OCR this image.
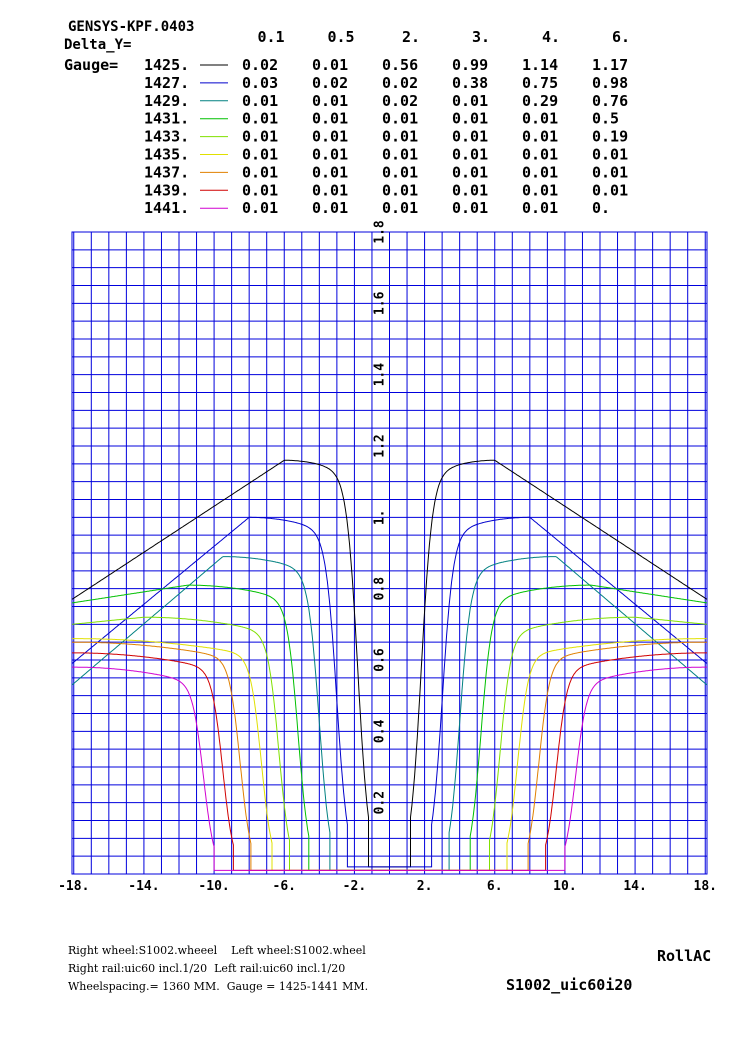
GENSYS-KPF.0403
Delta_Y=
Gauge=
0.1	0.5	2.	3.	4.	6.
1425.	0.02 0.01 0.56 0.99 1.14 1.17
1427.	0.03 0.02 0.02 0.38 0.75 0.98
1429.	0.01 0.01 0.02 0.01 0.29 0.76
1431.	0.01 0.01 0.01 0.01 0.01 0.5
1433.	0.01 0.01 0.01 0.01 0.01 0.19
1435.	0.01 0.01 0.01 0.01 0.01 0.01
1437.	0.01 0.01 0.01 0.01 0.01 0.01
1439.	0.01 0.01 0.01 0.01 0.01 0.01
1441.	0.01 0.01 0.01 0.01 0.01 0.
0.2
0.4
0.6
0.8
1.
1.2
1.4
1.6
1.8
-18.	-14.	-10.	-6.	-2.	2.	6.	10.	14.	18.
Right wheel:S1002.wheeel    Left wheel:S1002.wheel
Right rail:uic60 incl.1/20  Left rail:uic60 incl.1/20
Wheelspacing.= 1360 MM.  Gauge = 1425-1441 MM.
RollAC
S1002_uic60i20
